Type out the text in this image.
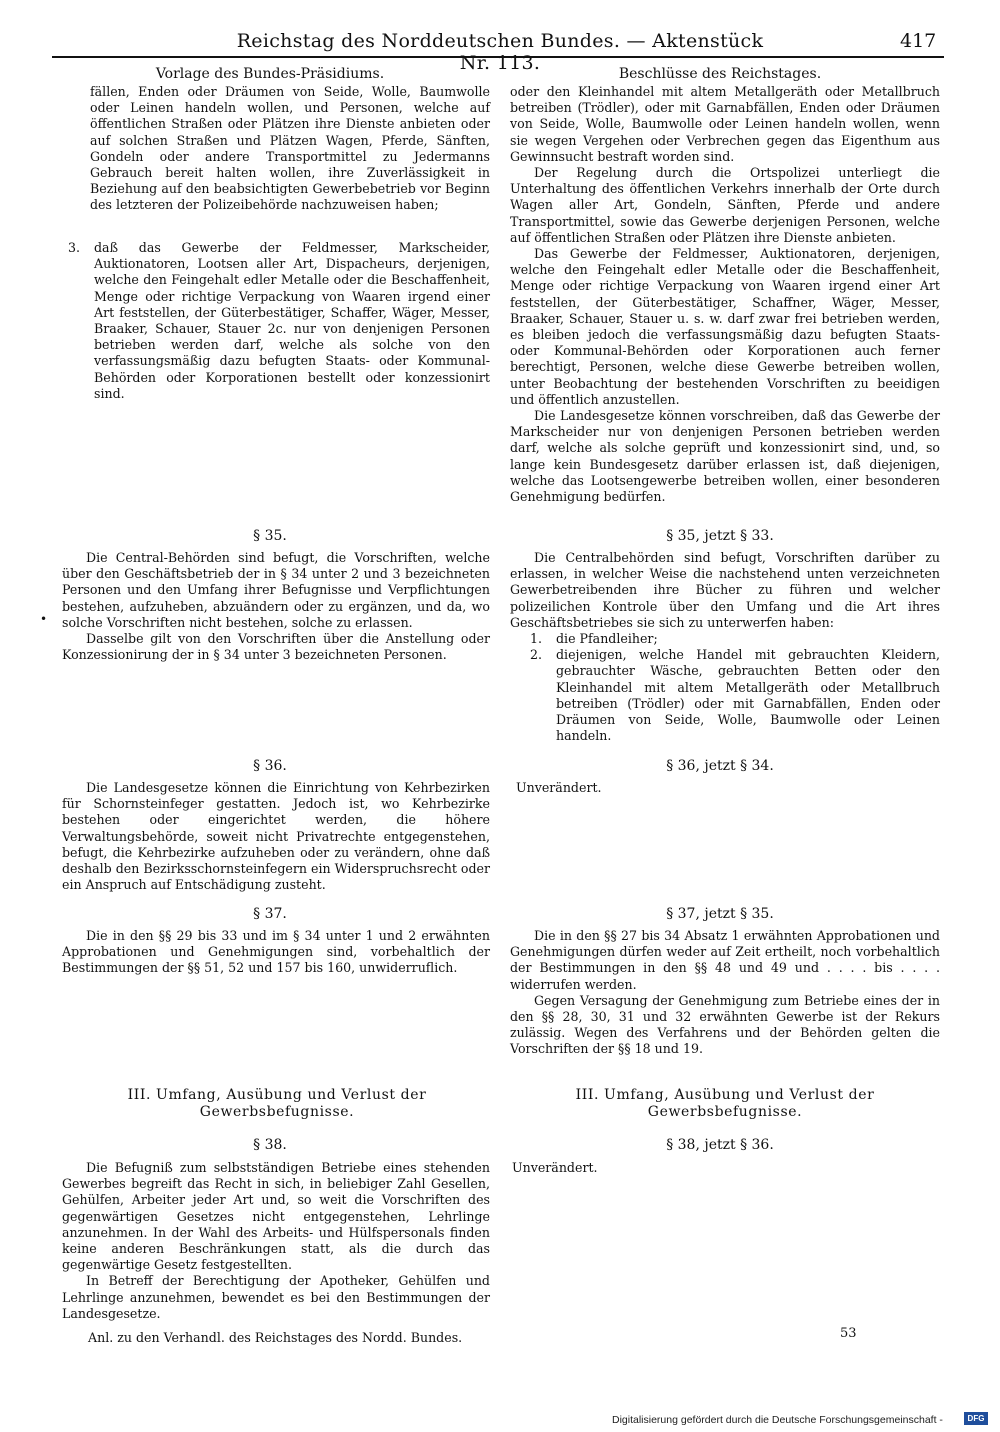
Reichstag des Norddeutschen Bundes. — Aktenstück Nr. 113.
417
Vorlage des Bundes-Präsidiums.

fällen, Enden oder Dräumen von Seide, Wolle, Baumwolle oder Leinen handeln wollen, und Personen, welche auf öffentlichen Straßen oder Plätzen ihre Dienste anbieten oder auf solchen Straßen und Plätzen Wagen, Pferde, Sänften, Gondeln oder andere Transportmittel zu Jedermanns Gebrauch bereit halten wollen, ihre Zuverlässigkeit in Beziehung auf den beabsichtigten Gewerbebetrieb vor Beginn des letzteren der Polizeibehörde nachzuweisen haben;

3.	daß das Gewerbe der Feldmesser, Markscheider, Auktionatoren, Lootsen aller Art, Dispacheurs, derjenigen, welche den Feingehalt edler Metalle oder die Beschaffenheit, Menge oder richtige Verpackung von Waaren irgend einer Art feststellen, der Güterbestätiger, Schaffer, Wäger, Messer, Braaker, Schauer, Stauer 2c. nur von denjenigen Personen betrieben werden darf, welche als solche von den verfassungsmäßig dazu befugten Staats- oder Kommunal-Behörden oder Korporationen bestellt oder konzessionirt sind.
§ 35.

Die Central-Behörden sind befugt, die Vorschriften, welche über den Geschäftsbetrieb der in § 34 unter 2 und 3 bezeichneten Personen und den Umfang ihrer Befugnisse und Verpflichtungen bestehen, aufzuheben, abzuändern oder zu ergänzen, und da, wo solche Vorschriften nicht bestehen, solche zu erlassen.

Dasselbe gilt von den Vorschriften über die Anstellung oder Konzessionirung der in § 34 unter 3 bezeichneten Personen.

•
§ 36.

Die Landesgesetze können die Einrichtung von Kehrbezirken für Schornsteinfeger gestatten. Jedoch ist, wo Kehrbezirke bestehen oder eingerichtet werden, die höhere Verwaltungsbehörde, soweit nicht Privatrechte entgegenstehen, befugt, die Kehrbezirke aufzuheben oder zu verändern, ohne daß deshalb den Bezirksschornsteinfegern ein Widerspruchsrecht oder ein Anspruch auf Entschädigung zusteht.

§ 37.

Die in den §§ 29 bis 33 und im § 34 unter 1 und 2 erwähnten Approbationen und Genehmigungen sind, vorbehaltlich der Bestimmungen der §§ 51, 52 und 157 bis 160, unwiderruflich.

III. Umfang, Ausübung und Verlust der Gewerbsbefugnisse.
§ 38.

Die Befugniß zum selbstständigen Betriebe eines stehenden Gewerbes begreift das Recht in sich, in beliebiger Zahl Gesellen, Gehülfen, Arbeiter jeder Art und, so weit die Vorschriften des gegenwärtigen Gesetzes nicht entgegenstehen, Lehrlinge anzunehmen. In der Wahl des Arbeits- und Hülfspersonals finden keine anderen Beschränkungen statt, als die durch das gegenwärtige Gesetz festgestellten.

In Betreff der Berechtigung der Apotheker, Gehülfen und Lehrlinge anzunehmen, bewendet es bei den Bestimmungen der Landesgesetze.

Anl. zu den Verhandl. des Reichstages des Nordd. Bundes.
Beschlüsse des Reichstages.

oder den Kleinhandel mit altem Metallgeräth oder Metallbruch betreiben (Trödler), oder mit Garnabfällen, Enden oder Dräumen von Seide, Wolle, Baumwolle oder Leinen handeln wollen, wenn sie wegen Vergehen oder Verbrechen gegen das Eigenthum aus Gewinnsucht bestraft worden sind.

Der Regelung durch die Ortspolizei unterliegt die Unterhaltung des öffentlichen Verkehrs innerhalb der Orte durch Wagen aller Art, Gondeln, Sänften, Pferde und andere Transportmittel, sowie das Gewerbe derjenigen Personen, welche auf öffentlichen Straßen oder Plätzen ihre Dienste anbieten.

Das Gewerbe der Feldmesser, Auktionatoren, derjenigen, welche den Feingehalt edler Metalle oder die Beschaffenheit, Menge oder richtige Verpackung von Waaren irgend einer Art feststellen, der Güterbestätiger, Schaffner, Wäger, Messer, Braaker, Schauer, Stauer u. s. w. darf zwar frei betrieben werden, es bleiben jedoch die verfassungsmäßig dazu befugten Staats- oder Kommunal-Behörden oder Korporationen auch ferner berechtigt, Personen, welche diese Gewerbe betreiben wollen, unter Beobachtung der bestehenden Vorschriften zu beeidigen und öffentlich anzustellen.

Die Landesgesetze können vorschreiben, daß das Gewerbe der Markscheider nur von denjenigen Personen betrieben werden darf, welche als solche geprüft und konzessionirt sind, und, so lange kein Bundesgesetz darüber erlassen ist, daß diejenigen, welche das Lootsengewerbe betreiben wollen, einer besonderen Genehmigung bedürfen.

§ 35, jetzt § 33.

Die Centralbehörden sind befugt, Vorschriften darüber zu erlassen, in welcher Weise die nachstehend unten verzeichneten Gewerbetreibenden ihre Bücher zu führen und welcher polizeilichen Kontrole über den Umfang und die Art ihres Geschäftsbetriebes sie sich zu unterwerfen haben:

1.	die Pfandleiher;
2.	diejenigen, welche Handel mit gebrauchten Kleidern, gebrauchter Wäsche, gebrauchten Betten oder den Kleinhandel mit altem Metallgeräth oder Metallbruch betreiben (Trödler) oder mit Garnabfällen, Enden oder Dräumen von Seide, Wolle, Baumwolle oder Leinen handeln.
§ 36, jetzt § 34.

Unverändert.

§ 37, jetzt § 35.

Die in den §§ 27 bis 34 Absatz 1 erwähnten Approbationen und Genehmigungen dürfen weder auf Zeit ertheilt, noch vorbehaltlich der Bestimmungen in den §§ 48 und 49 und . . . . bis . . . . widerrufen werden.

Gegen Versagung der Genehmigung zum Betriebe eines der in den §§ 28, 30, 31 und 32 erwähnten Gewerbe ist der Rekurs zulässig. Wegen des Verfahrens und der Behörden gelten die Vorschriften der §§ 18 und 19.

III. Umfang, Ausübung und Verlust der Gewerbsbefugnisse.
§ 38, jetzt § 36.

Unverändert.

53
Digitalisierung gefördert durch die Deutsche Forschungsgemeinschaft -	DFG
